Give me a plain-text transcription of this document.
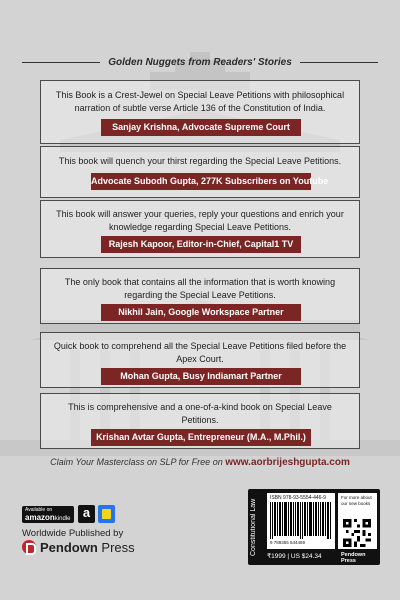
Golden Nuggets from Readers' Stories

This Book is a Crest-Jewel on Special Leave Petitions with philosophical narration of subtle verse Article 136 of the Constitution of India.

Sanjay Krishna, Advocate Supreme Court

This book will quench your thirst regarding the Special Leave Petitions.

Advocate Subodh Gupta, 277K Subscribers on Youtube

This book will answer your queries, reply your questions and enrich your knowledge regarding Special Leave Petitions.

Rajesh Kapoor, Editor-in-Chief, Capital1 TV

The only book that contains all the information that is worth knowing regarding the Special Leave Petitions.

Nikhil Jain, Google Workspace Partner

Quick book to comprehend all the Special Leave Petitions filed before the Apex Court.

Mohan Gupta, Busy Indiamart Partner

This is comprehensive and a one-of-a-kind book on Special Leave Petitions.

Krishan Avtar Gupta, Entrepreneur (M.A., M.Phil.)
Claim Your Masterclass on SLP for Free on www.aorbrijeshgupta.com
Available on
amazonkindle a
Worldwide Published by
Pendown Press	Constitutional Law
ISBN 978-93-5554-446-9
9 789355 544469
₹1999 | US $24.34	Pendown Press
For more about our new books
